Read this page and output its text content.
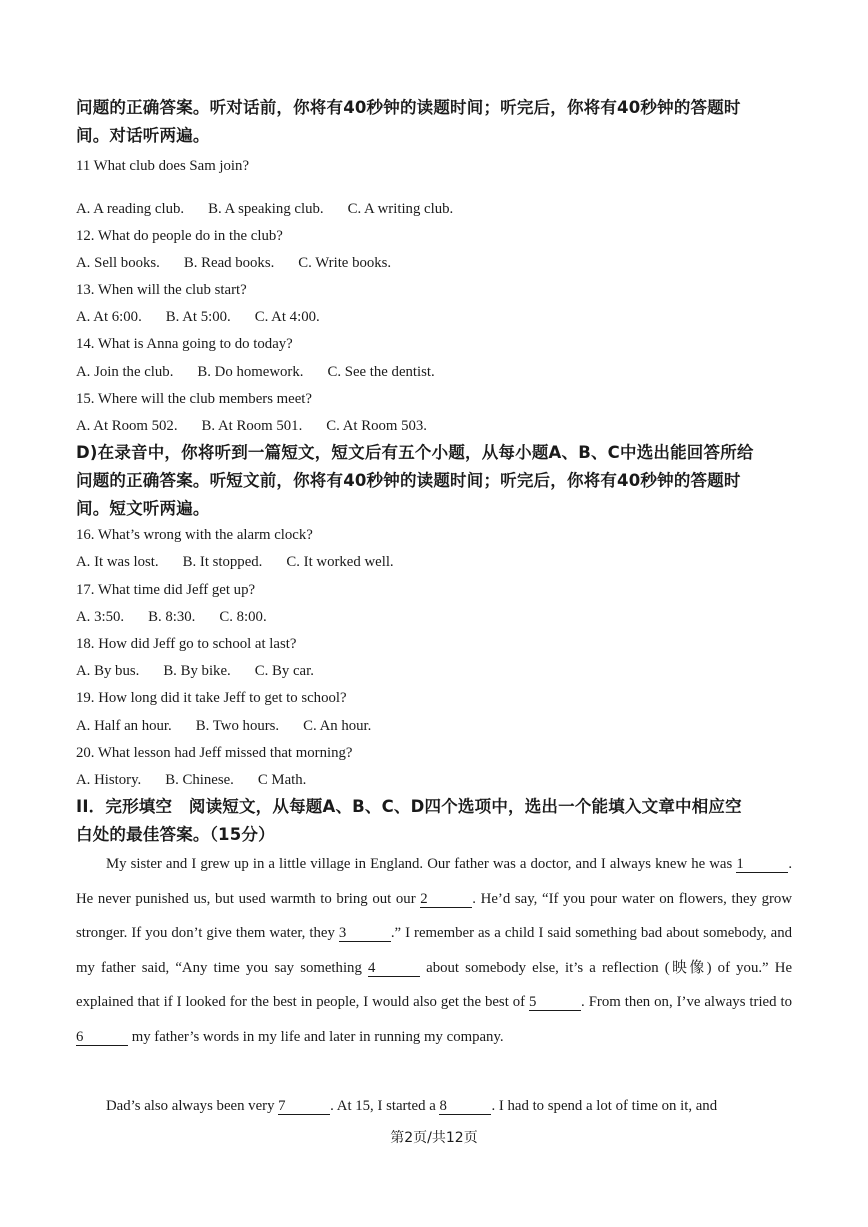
问题的正确答案。听对话前，你将有40秒钟的读题时间；听完后，你将有40秒钟的答题时

间。对话听两遍。

11 What club does Sam join?

A. A reading club. B. A speaking club. C. A writing club.

12. What do people do in the club?

A. Sell books. B. Read books. C. Write books.

13. When will the club start?

A. At 6:00. B. At 5:00. C. At 4:00.

14. What is Anna going to do today?

A. Join the club. B. Do homework. C. See the dentist.

15. Where will the club members meet?

A. At Room 502. B. At Room 501. C. At Room 503.

D)在录音中，你将听到一篇短文，短文后有五个小题，从每小题A、B、C中选出能回答所给

问题的正确答案。听短文前，你将有40秒钟的读题时间；听完后，你将有40秒钟的答题时

间。短文听两遍。

16. What’s wrong with the alarm clock?

A. It was lost. B. It stopped. C. It worked well.

17. What time did Jeff get up?

A. 3:50. B. 8:30. C. 8:00.

18. How did Jeff go to school at last?

A. By bus. B. By bike. C. By car.

19. How long did it take Jeff to get to school?

A. Half an hour. B. Two hours. C. An hour.

20. What lesson had Jeff missed that morning?

A. History. B. Chinese. C Math.

II．完形填空　阅读短文，从每题A、B、C、D四个选项中，选出一个能填入文章中相应空

白处的最佳答案。（15分）

My sister and I grew up in a little village in England. Our father was a doctor, and I always knew he was 1	. He never punished us, but used warmth to bring out our 2	. He’d say, “If you pour water on flowers, they grow stronger. If you don’t give them water, they 3	.” I remember as a child I said something bad about somebody, and my father said, “Any time you say something 4	about somebody else, it’s a reflection (映像) of you.” He explained that if I looked for the best in people, I would also get the best of 5	. From then on, I’ve always tried to 6	my father’s words in my life and later in running my company.

Dad’s also always been very 7	. At 15, I started a 8	. I had to spend a lot of time on it, and

第2页/共12页
